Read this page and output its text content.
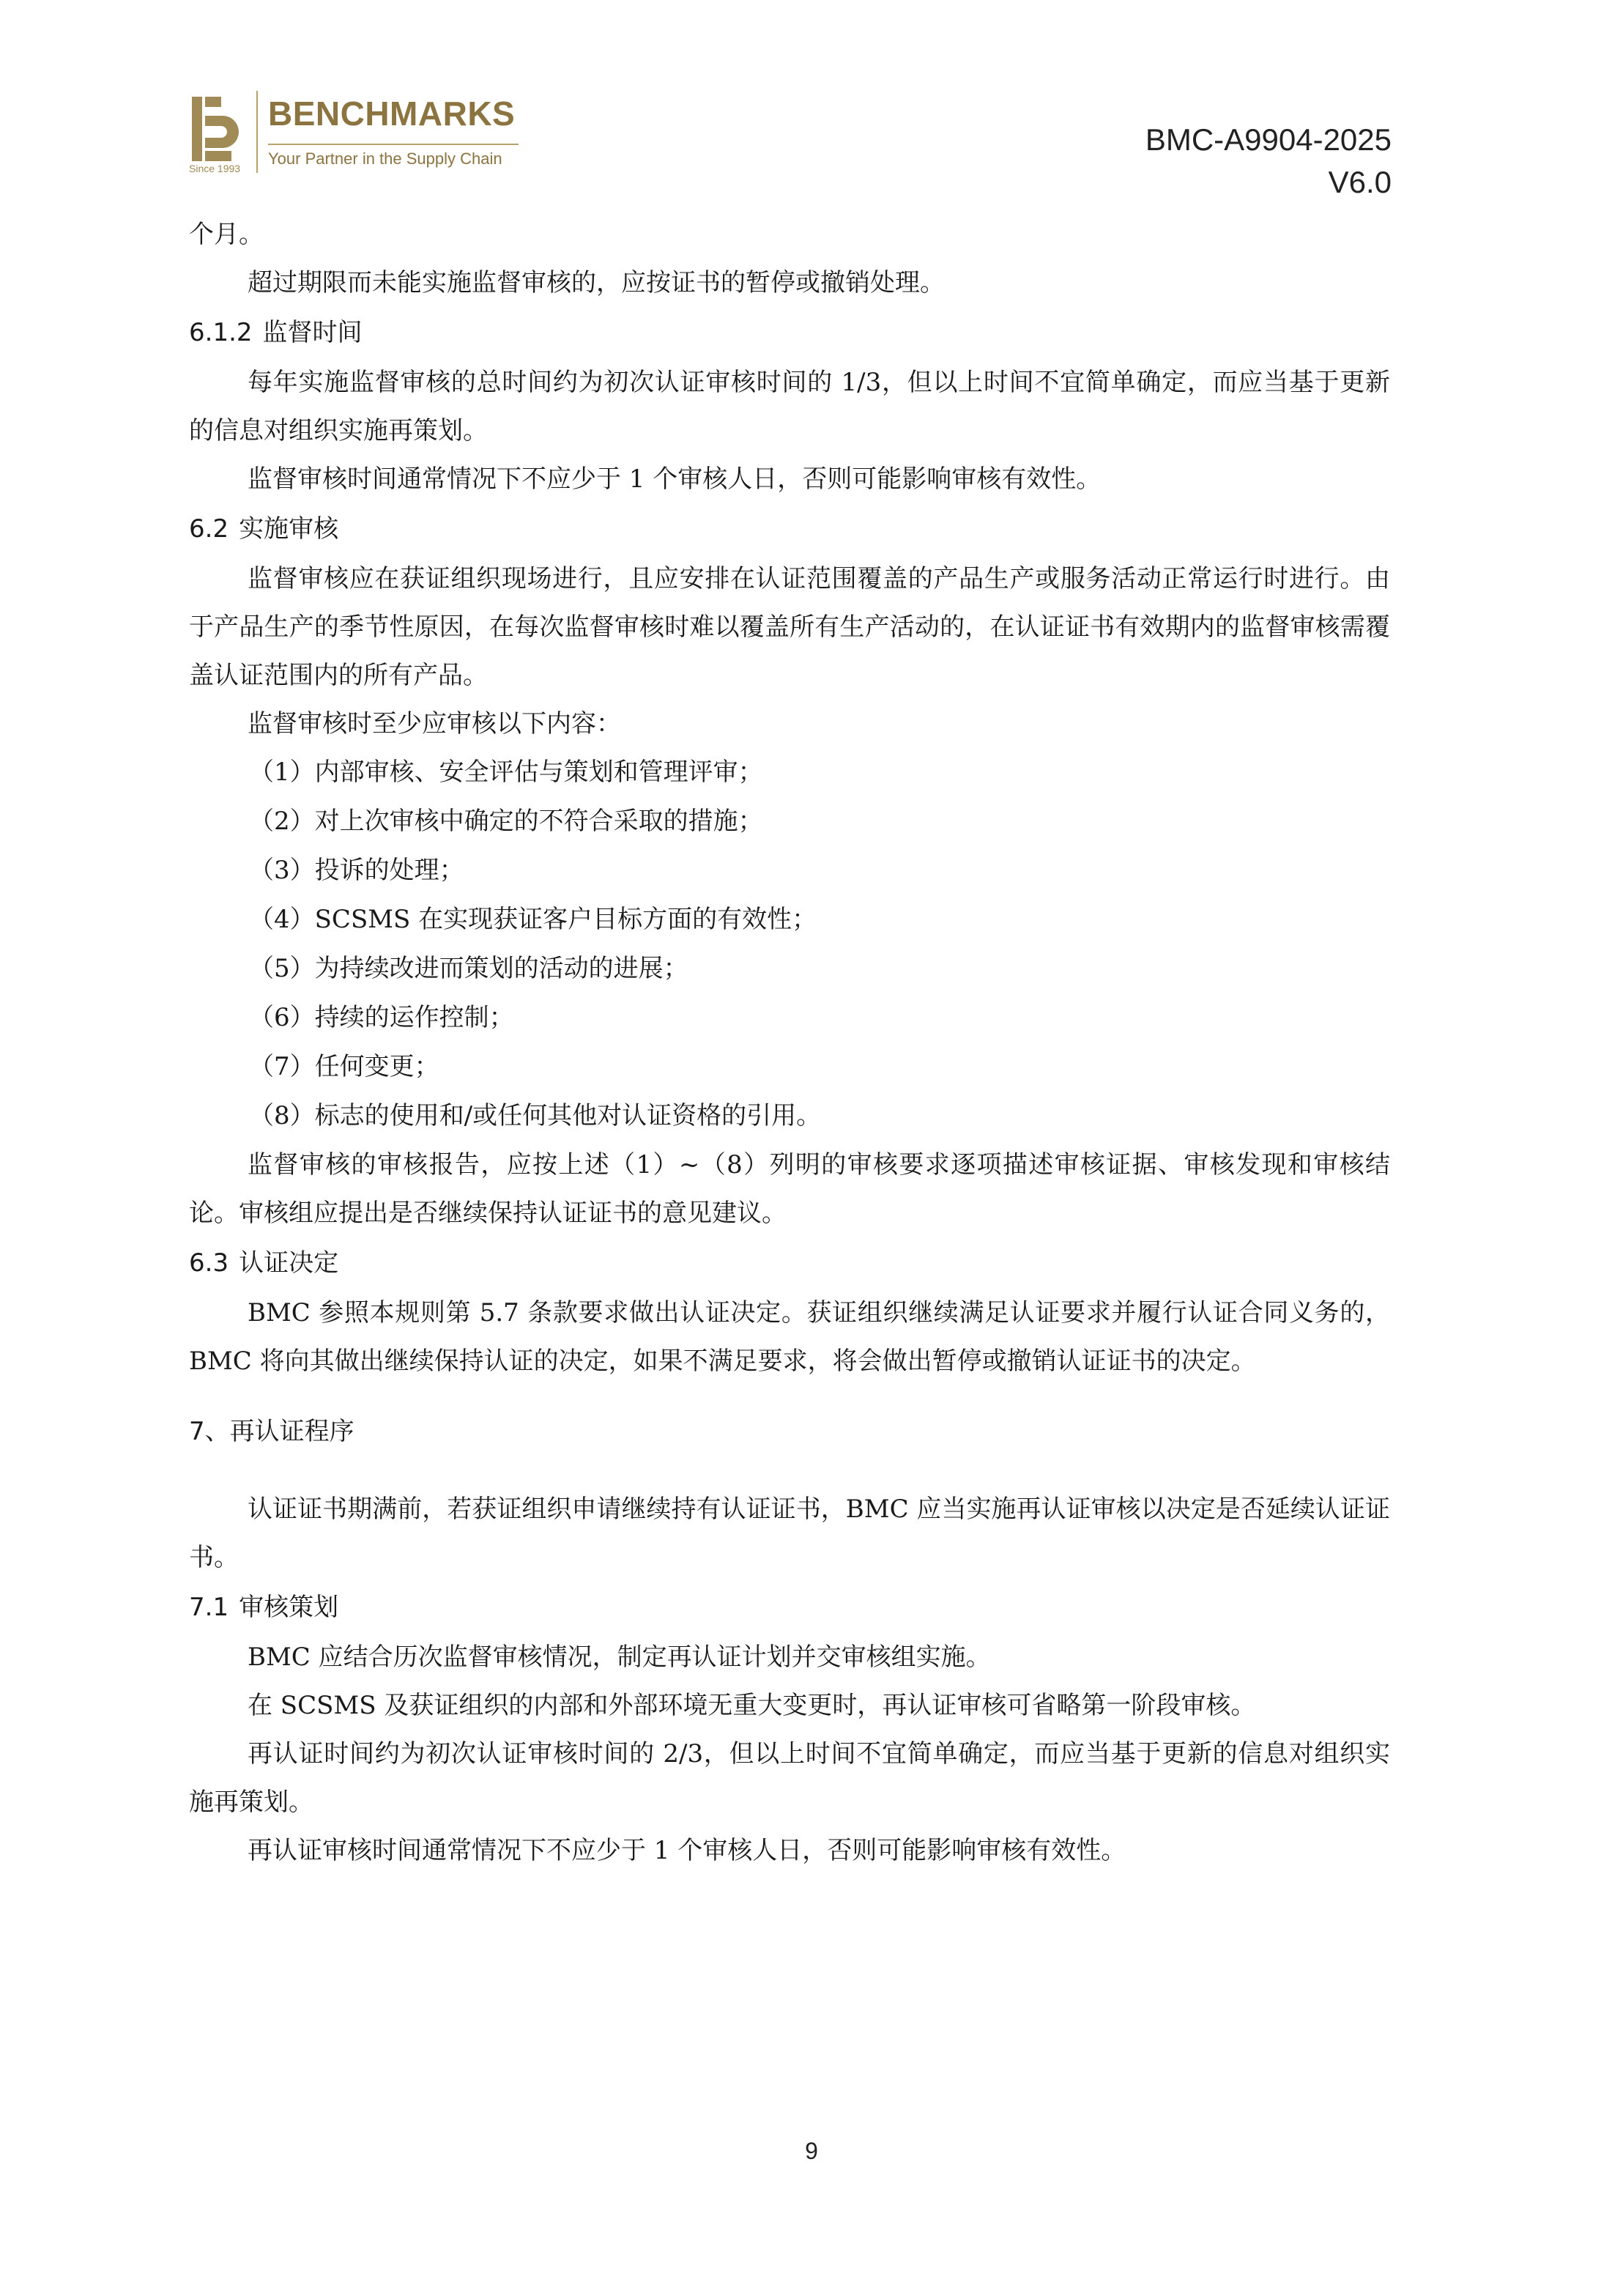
Since 1993
BENCHMARKS
Your Partner in the Supply Chain
BMC-A9904-2025
V6.0

个月。

超过期限而未能实施监督审核的，应按证书的暂停或撤销处理。

6.1.2 监督时间

每年实施监督审核的总时间约为初次认证审核时间的 1/3，但以上时间不宜简单确定，而应当基于更新的信息对组织实施再策划。

监督审核时间通常情况下不应少于 1 个审核人日，否则可能影响审核有效性。

6.2 实施审核

监督审核应在获证组织现场进行，且应安排在认证范围覆盖的产品生产或服务活动正常运行时进行。由于产品生产的季节性原因，在每次监督审核时难以覆盖所有生产活动的，在认证证书有效期内的监督审核需覆盖认证范围内的所有产品。

监督审核时至少应审核以下内容：

（1）内部审核、安全评估与策划和管理评审；

（2）对上次审核中确定的不符合采取的措施；

（3）投诉的处理；

（4）SCSMS 在实现获证客户目标方面的有效性；

（5）为持续改进而策划的活动的进展；

（6）持续的运作控制；

（7）任何变更；

（8）标志的使用和/或任何其他对认证资格的引用。

监督审核的审核报告，应按上述（1）~（8）列明的审核要求逐项描述审核证据、审核发现和审核结论。审核组应提出是否继续保持认证证书的意见建议。

6.3 认证决定

BMC 参照本规则第 5.7 条款要求做出认证决定。获证组织继续满足认证要求并履行认证合同义务的，BMC 将向其做出继续保持认证的决定，如果不满足要求，将会做出暂停或撤销认证证书的决定。

7、再认证程序

认证证书期满前，若获证组织申请继续持有认证证书，BMC 应当实施再认证审核以决定是否延续认证证书。

7.1 审核策划

BMC 应结合历次监督审核情况，制定再认证计划并交审核组实施。

在 SCSMS 及获证组织的内部和外部环境无重大变更时，再认证审核可省略第一阶段审核。

再认证时间约为初次认证审核时间的 2/3，但以上时间不宜简单确定，而应当基于更新的信息对组织实施再策划。

再认证审核时间通常情况下不应少于 1 个审核人日，否则可能影响审核有效性。

9
